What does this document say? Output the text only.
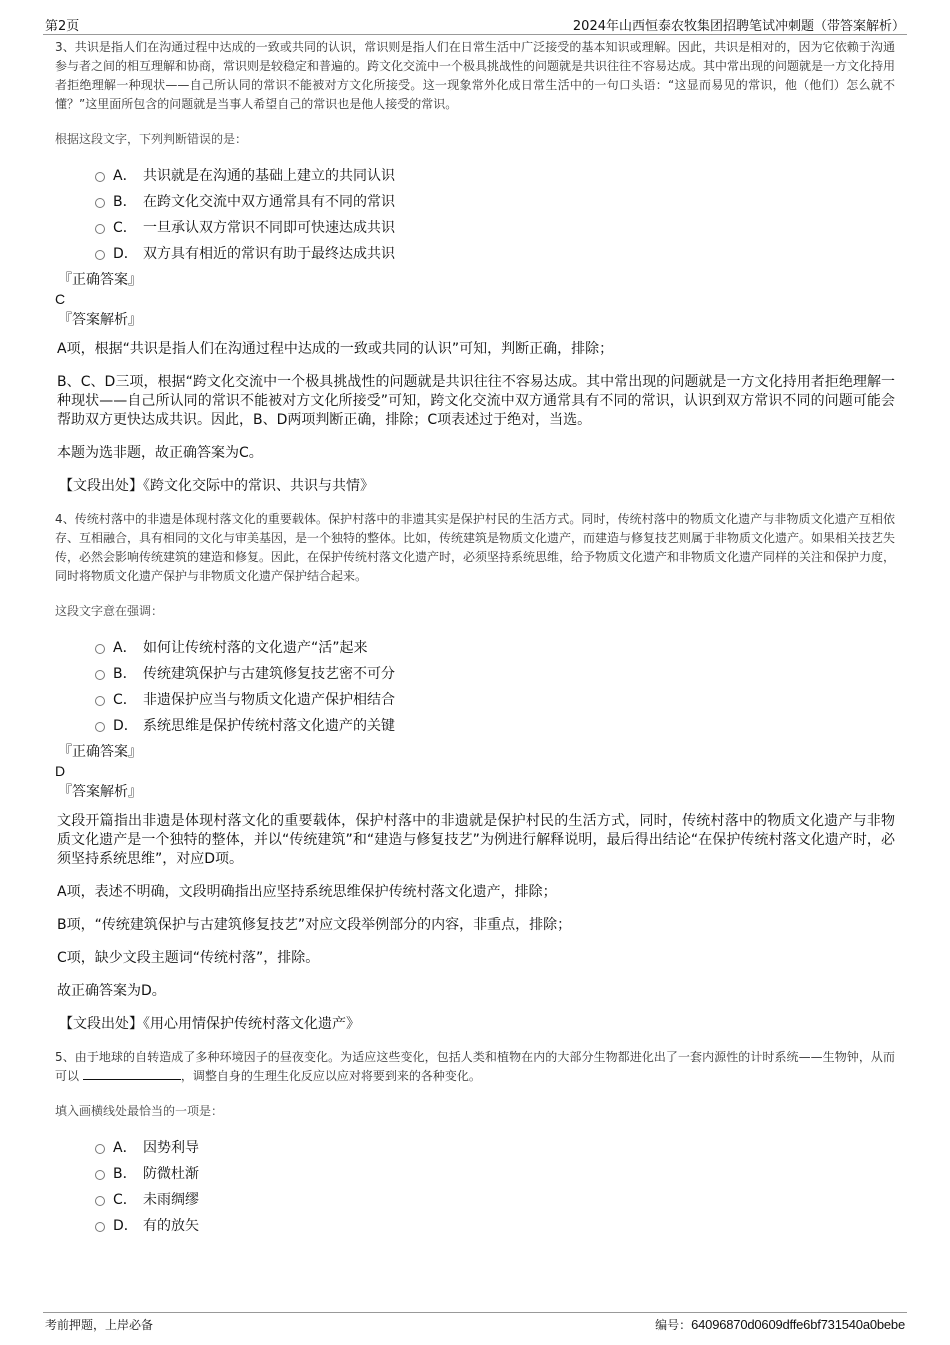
第2页	2024年山西恒泰农牧集团招聘笔试冲刺题（带答案解析）

3、共识是指人们在沟通过程中达成的一致或共同的认识，常识则是指人们在日常生活中广泛接受的基本知识或理解。因此，共识是相对的，因为它依赖于沟通参与者之间的相互理解和协商，常识则是较稳定和普遍的。跨文化交流中一个极具挑战性的问题就是共识往往不容易达成。其中常出现的问题就是一方文化持用者拒绝理解一种现状——自己所认同的常识不能被对方文化所接受。这一现象常外化成日常生活中的一句口头语：“这显而易见的常识，他（他们）怎么就不懂？”这里面所包含的问题就是当事人希望自己的常识也是他人接受的常识。

根据这段文字，下列判断错误的是：

A． 共识就是在沟通的基础上建立的共同认识
B． 在跨文化交流中双方通常具有不同的常识
C． 一旦承认双方常识不同即可快速达成共识
D． 双方具有相近的常识有助于最终达成共识

『正确答案』

C

『答案解析』

A项，根据“共识是指人们在沟通过程中达成的一致或共同的认识”可知，判断正确，排除；

B、C、D三项，根据“跨文化交流中一个极具挑战性的问题就是共识往往不容易达成。其中常出现的问题就是一方文化持用者拒绝理解一种现状——自己所认同的常识不能被对方文化所接受”可知，跨文化交流中双方通常具有不同的常识，认识到双方常识不同的问题可能会帮助双方更快达成共识。因此，B、D两项判断正确，排除；C项表述过于绝对，当选。

本题为选非题，故正确答案为C。

【文段出处】《跨文化交际中的常识、共识与共情》

4、传统村落中的非遗是体现村落文化的重要载体。保护村落中的非遗其实是保护村民的生活方式。同时，传统村落中的物质文化遗产与非物质文化遗产互相依存、互相融合，具有相同的文化与审美基因，是一个独特的整体。比如，传统建筑是物质文化遗产，而建造与修复技艺则属于非物质文化遗产。如果相关技艺失传，必然会影响传统建筑的建造和修复。因此，在保护传统村落文化遗产时，必须坚持系统思维，给予物质文化遗产和非物质文化遗产同样的关注和保护力度，同时将物质文化遗产保护与非物质文化遗产保护结合起来。

这段文字意在强调：

A． 如何让传统村落的文化遗产“活”起来
B． 传统建筑保护与古建筑修复技艺密不可分
C． 非遗保护应当与物质文化遗产保护相结合
D． 系统思维是保护传统村落文化遗产的关键

『正确答案』

D

『答案解析』

文段开篇指出非遗是体现村落文化的重要载体，保护村落中的非遗就是保护村民的生活方式，同时，传统村落中的物质文化遗产与非物质文化遗产是一个独特的整体，并以“传统建筑”和“建造与修复技艺”为例进行解释说明，最后得出结论“在保护传统村落文化遗产时，必须坚持系统思维”，对应D项。

A项，表述不明确，文段明确指出应坚持系统思维保护传统村落文化遗产，排除；

B项，“传统建筑保护与古建筑修复技艺”对应文段举例部分的内容，非重点，排除；

C项，缺少文段主题词“传统村落”，排除。

故正确答案为D。

【文段出处】《用心用情保护传统村落文化遗产》

5、由于地球的自转造成了多种环境因子的昼夜变化。为适应这些变化，包括人类和植物在内的大部分生物都进化出了一套内源性的计时系统——生物钟，从而可以	，调整自身的生理生化反应以应对将要到来的各种变化。

填入画横线处最恰当的一项是：

A． 因势利导
B． 防微杜渐
C． 未雨绸缪
D． 有的放矢
考前押题，上岸必备	编号：64096870d0609dffe6bf731540a0bebe
